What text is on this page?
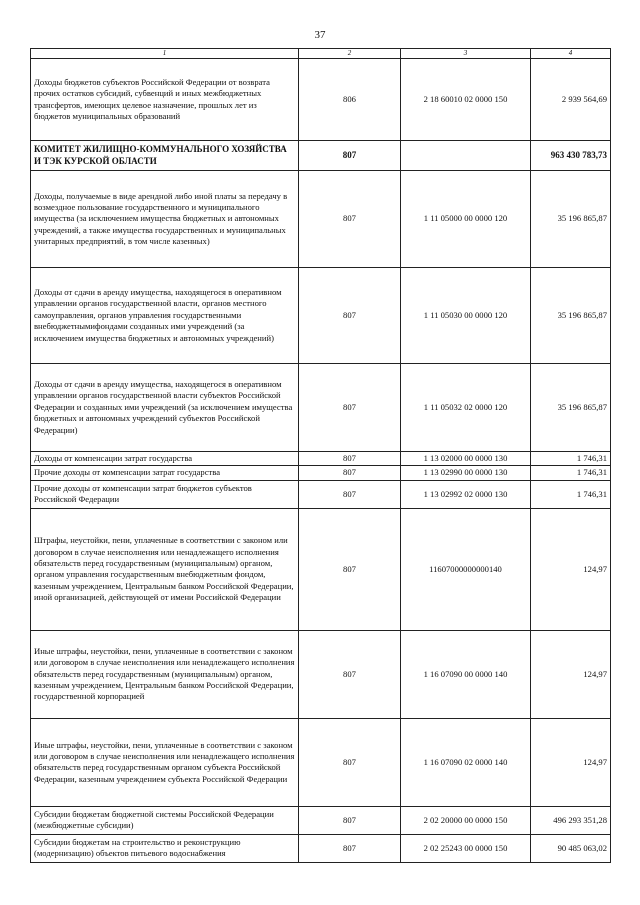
37
1	2	3	4
Доходы бюджетов субъектов Российской Федерации от возврата прочих остатков субсидий, субвенций и иных межбюджетных трансфертов, имеющих целевое назначение, прошлых лет из бюджетов муниципальных образований	806	2 18 60010 02 0000 150	2 939 564,69
КОМИТЕТ ЖИЛИЩНО-КОММУНАЛЬНОГО ХОЗЯЙСТВА И ТЭК КУРСКОЙ ОБЛАСТИ	807		963 430 783,73
Доходы, получаемые в виде арендной либо иной платы за передачу в возмездное пользование государственного и муниципального имущества (за исключением имущества бюджетных и автономных учреждений, а также имущества государственных и муниципальных унитарных предприятий, в том числе казенных)	807	1 11 05000 00 0000 120	35 196 865,87
Доходы от сдачи в аренду имущества, находящегося в оперативном управлении органов государственной власти, органов местного самоуправления, органов управления государственными внебюджетнымифондами созданных ими учреждений (за исключением имущества бюджетных и автономных учреждений)	807	1 11 05030 00 0000 120	35 196 865,87
Доходы от сдачи в аренду имущества, находящегося в оперативном управлении органов государственной власти субъектов Российской Федерации и созданных ими учреждений (за исключением имущества бюджетных и автономных учреждений субъектов Российской Федерации)	807	1 11 05032 02 0000 120	35 196 865,87
Доходы от компенсации затрат государства	807	1 13 02000 00 0000 130	1 746,31
Прочие доходы от компенсации затрат государства	807	1 13 02990 00 0000 130	1 746,31
Прочие доходы от компенсации затрат бюджетов субъектов Российской Федерации	807	1 13 02992 02 0000 130	1 746,31
Штрафы, неустойки, пени, уплаченные в соответствии с законом или договором в случае неисполнения или ненадлежащего исполнения обязательств перед государственным (муниципальным) органом, органом управления государственным внебюджетным фондом, казенным учреждением, Центральным банком Российской Федерации, иной организацией, действующей от имени Российской Федерации	807	11607000000000140	124,97
Иные штрафы, неустойки, пени, уплаченные в соответствии с законом или договором в случае неисполнения или ненадлежащего исполнения обязательств перед государственным (муниципальным) органом, казенным учреждением, Центральным банком Российской Федерации, государственной корпорацией	807	1 16 07090 00 0000 140	124,97
Иные штрафы, неустойки, пени, уплаченные в соответствии с законом или договором в случае неисполнения или ненадлежащего исполнения обязательств перед государственным органом субъекта Российской Федерации, казенным учреждением субъекта Российской Федерации	807	1 16 07090 02 0000 140	124,97
Субсидии бюджетам бюджетной системы Российской Федерации (межбюджетные субсидии)	807	2 02 20000 00 0000 150	496 293 351,28
Субсидии бюджетам на строительство и реконструкцию (модернизацию) объектов питьевого водоснабжения	807	2 02 25243 00 0000 150	90 485 063,02
